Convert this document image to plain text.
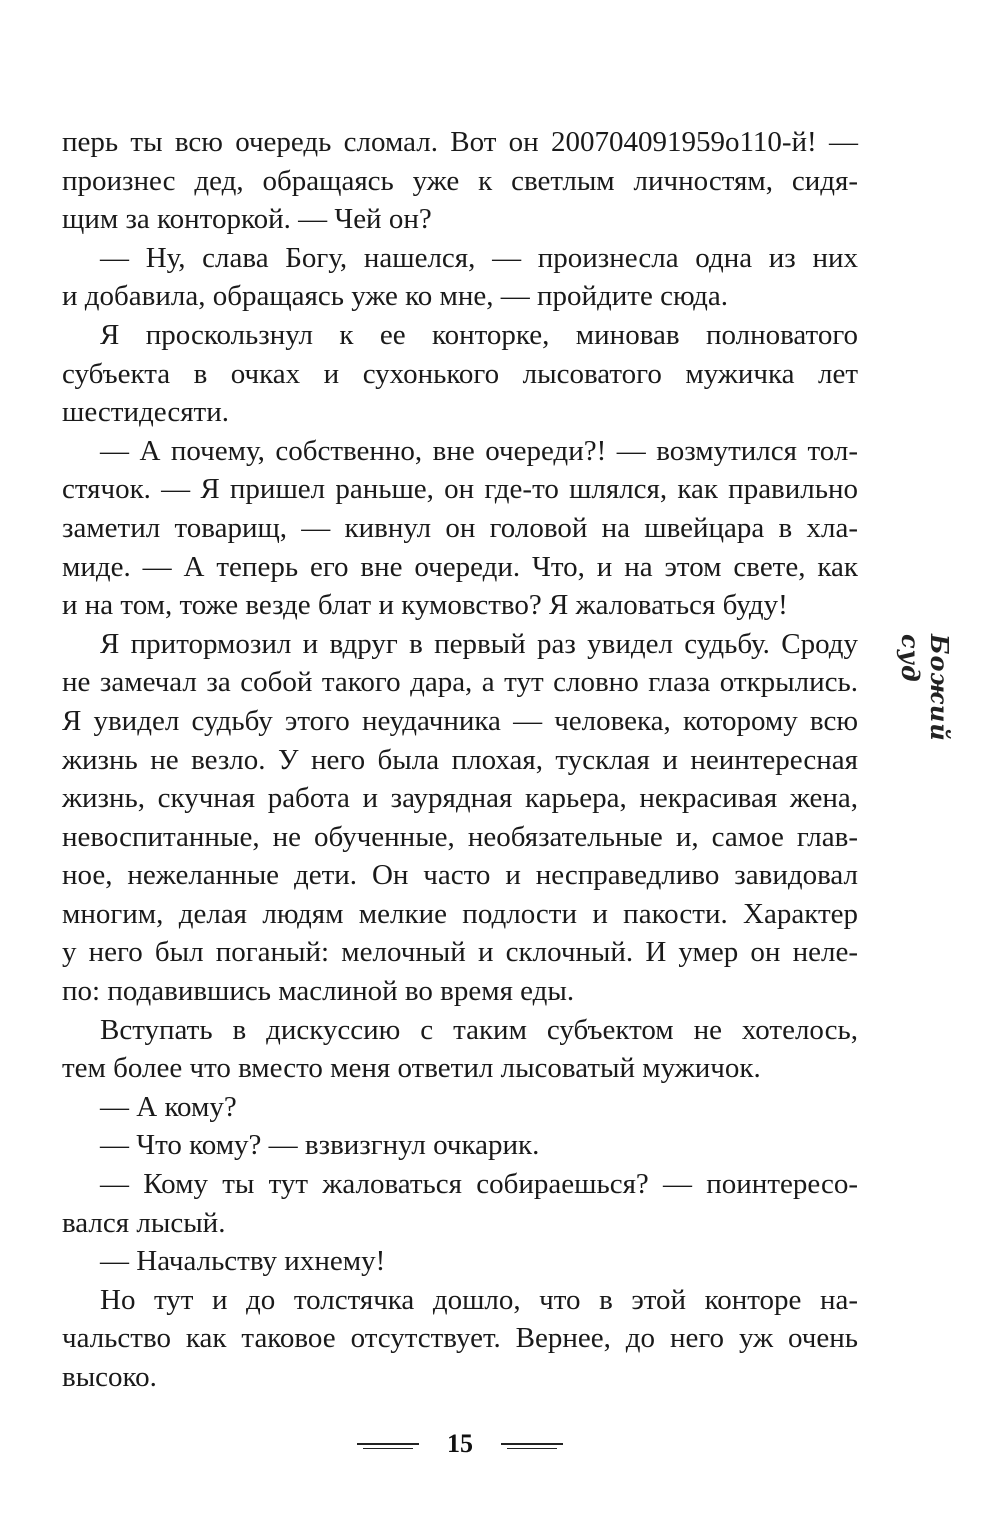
перь ты всю очередь сломал. Вот он 200704091959о110-й! —
произнес дед, обращаясь уже к светлым личностям, сидя-
щим за конторкой. — Чей он?
— Ну, слава Богу, нашелся, — произнесла одна из них
и добавила, обращаясь уже ко мне, — пройдите сюда.
Я проскользнул к ее конторке, миновав полноватого
субъекта в очках и сухонького лысоватого мужичка лет
шестидесяти.
— А почему, собственно, вне очереди?! — возмутился тол-
стячок. — Я пришел раньше, он где-то шлялся, как правильно
заметил товарищ, — кивнул он головой на швейцара в хла-
миде. — А теперь его вне очереди. Что, и на этом свете, как
и на том, тоже везде блат и кумовство? Я жаловаться буду!
Я притормозил и вдруг в первый раз увидел судьбу. Сроду
не замечал за собой такого дара, а тут словно глаза открылись.
Я увидел судьбу этого неудачника — человека, которому всю
жизнь не везло. У него была плохая, тусклая и неинтересная
жизнь, скучная работа и заурядная карьера, некрасивая жена,
невоспитанные, не обученные, необязательные и, самое глав-
ное, нежеланные дети. Он часто и несправедливо завидовал
многим, делая людям мелкие подлости и пакости. Характер
у него был поганый: мелочный и склочный. И умер он неле-
по: подавившись маслиной во время еды.
Вступать в дискуссию с таким субъектом не хотелось,
тем более что вместо меня ответил лысоватый мужичок.
— А кому?
— Что кому? — взвизгнул очкарик.
— Кому ты тут жаловаться собираешься? — поинтересо-
вался лысый.
— Начальству ихнему!
Но тут и до толстячка дошло, что в этой конторе на-
чальство как таковое отсутствует. Вернее, до него уж очень
высоко.
Божий суд
15
